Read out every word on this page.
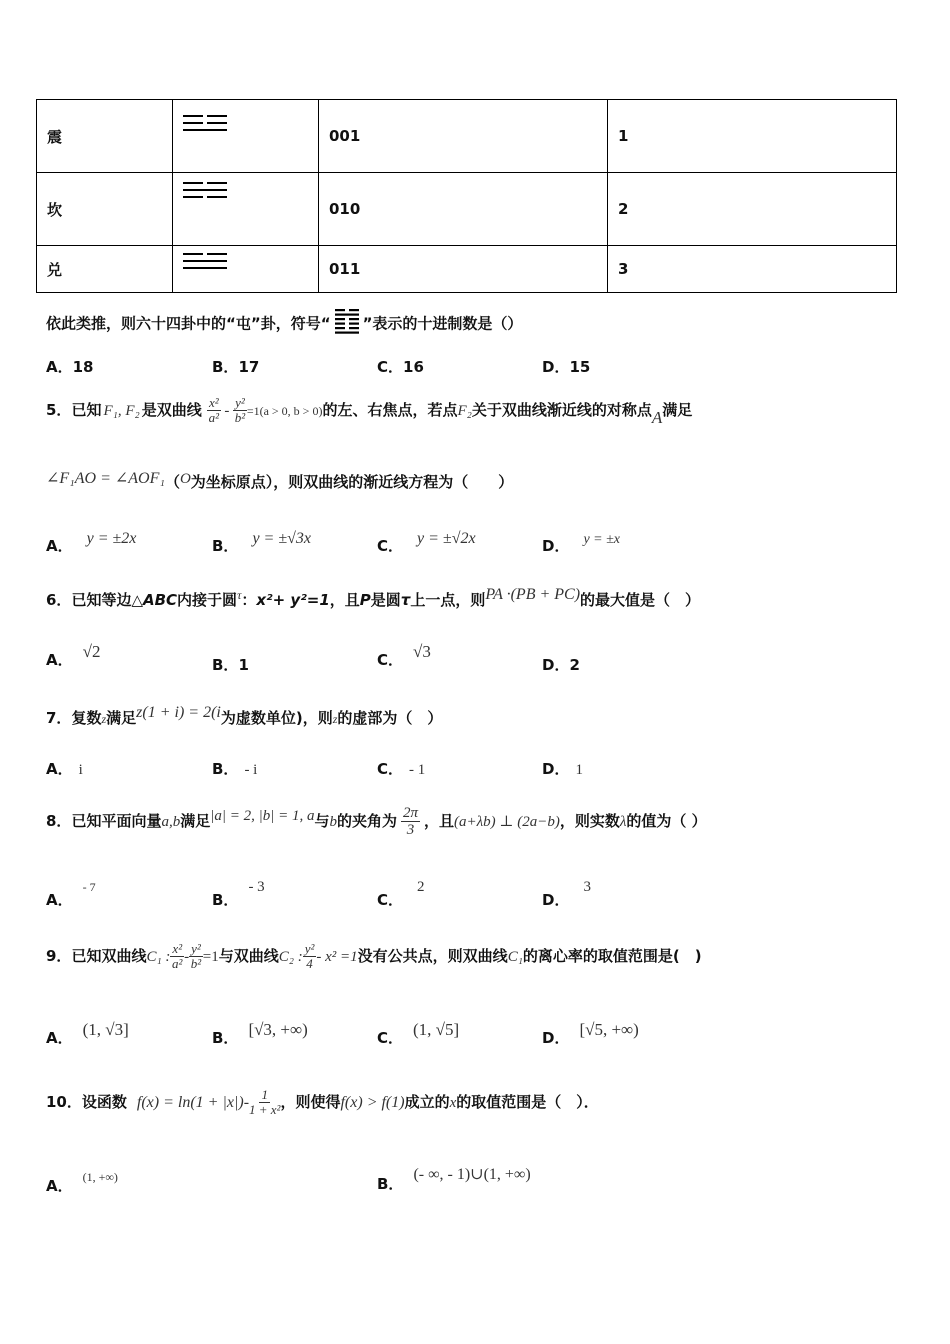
震		001	1
坎		010	2
兑		011	3
依此类推，则六十四卦中的“屯”卦，符号“ ”表示的十进制数是（）
A．18	B．17	C．16	D．15
5．已知 F₁, F₂ 是双曲线 $\frac{\text{x²}}{\text{a²}} - \frac{\text{y²}}{\text{b²}} =1(a > 0$, b > 0)的左、右焦点，若点F₂关于双曲线渐近线的对称点A满足
∠F₁AO = ∠AOF₁（O为坐标原点），则双曲线的渐近线方程为（　　）
A． y = ±2x	B． y = ±√3x	C． y = ±√2x	D． y = ±x
6．已知等边△ABC内接于圆$^\tau$：x²+ y²=1，且P是圆τ上一点，则PA ·(PB + PC)的最大值是（　）
A． √2
B．1	C． √3
D．2
7．复数z满足z(1 + i) = 2(i为虚数单位)，则z的虚部为（　）
A． i	B． - i	C． - 1	D． 1
8．已知平面向量a,b满足|a| = 2, |b| = 1, a与b的夹角为 $\frac{2\pi}{3}$ ，且(a+λb) ⊥ (2a−b)，则实数λ的值为（ ）
A．- 7
B．- 3
C．2
D．3
9．已知双曲线C₁ : $\frac{\text{x²}}{\text{a²}} - \frac{\text{y²}}{\text{b²}} =1$与双曲线C₂ : $\frac{\text{y²}}{4} - x^2 =1$没有公共点，则双曲线C₁的离心率的取值范围是(　)
A． (1, √3]	B． [√3, +∞)	C． (1, √5]	D． [√5, +∞)
10．设函数 $f(x) = \ln(1 + |x|)- \frac{1}{\text{1 + x²}}$ ，则使得f(x) > f(1)成立的x的取值范围是（　）．
A． (1, +∞)	B．(- ∞, - 1)∪(1, +∞)
